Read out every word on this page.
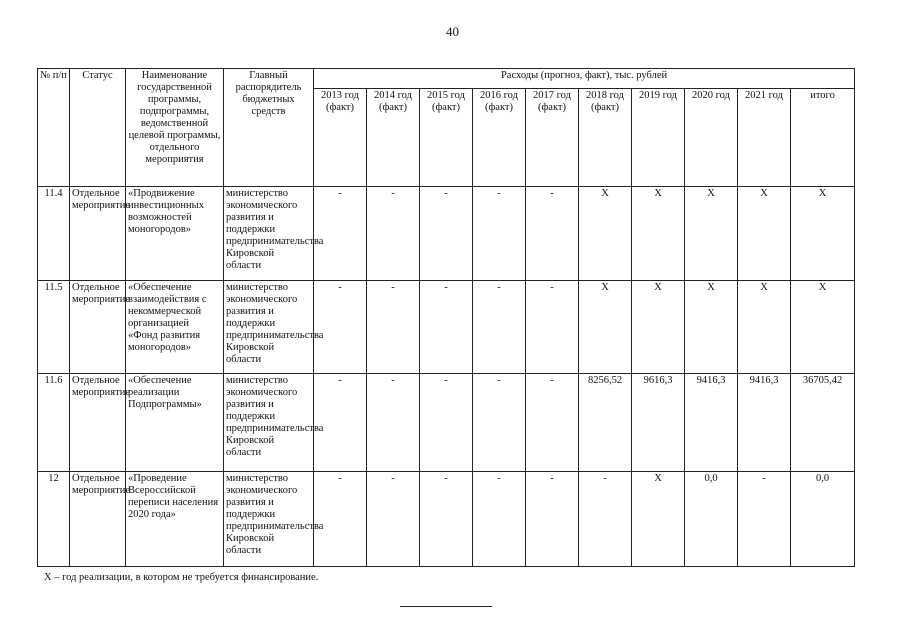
40
№ п/п	Статус	Наименование государственной программы, подпрограммы, ведомственной целевой программы, отдельного мероприятия	Главный распорядитель бюджетных средств	Расходы (прогноз, факт), тыс. рублей									
				2013 год (факт)	2014 год (факт)	2015 год (факт)	2016 год (факт)	2017 год (факт)	2018 год (факт)	2019 год	2020 год	2021 год	итого
11.4	Отдельное мероприятие	«Продвижение инвестиционных возможностей моногородов»	министерство экономического развития и поддержки предпринимательства Кировской области	-	-	-	-	-	X	X	X	X	X
11.5	Отдельное мероприятие	«Обеспечение взаимодействия с некоммерческой организацией «Фонд развития моногородов»	министерство экономического развития и поддержки предпринимательства Кировской области	-	-	-	-	-	X	X	X	X	X
11.6	Отдельное мероприятие	«Обеспечение реализации Подпрограммы»	министерство экономического развития и поддержки предпринимательства Кировской области	-	-	-	-	-	8256,52	9616,3	9416,3	9416,3	36705,42
12	Отдельное мероприятие	«Проведение Всероссийской переписи населения 2020 года»	министерство экономического развития и поддержки предпринимательства Кировской области	-	-	-	-	-	-	X	0,0	-	0,0
X – год реализации, в котором не требуется финансирование.
